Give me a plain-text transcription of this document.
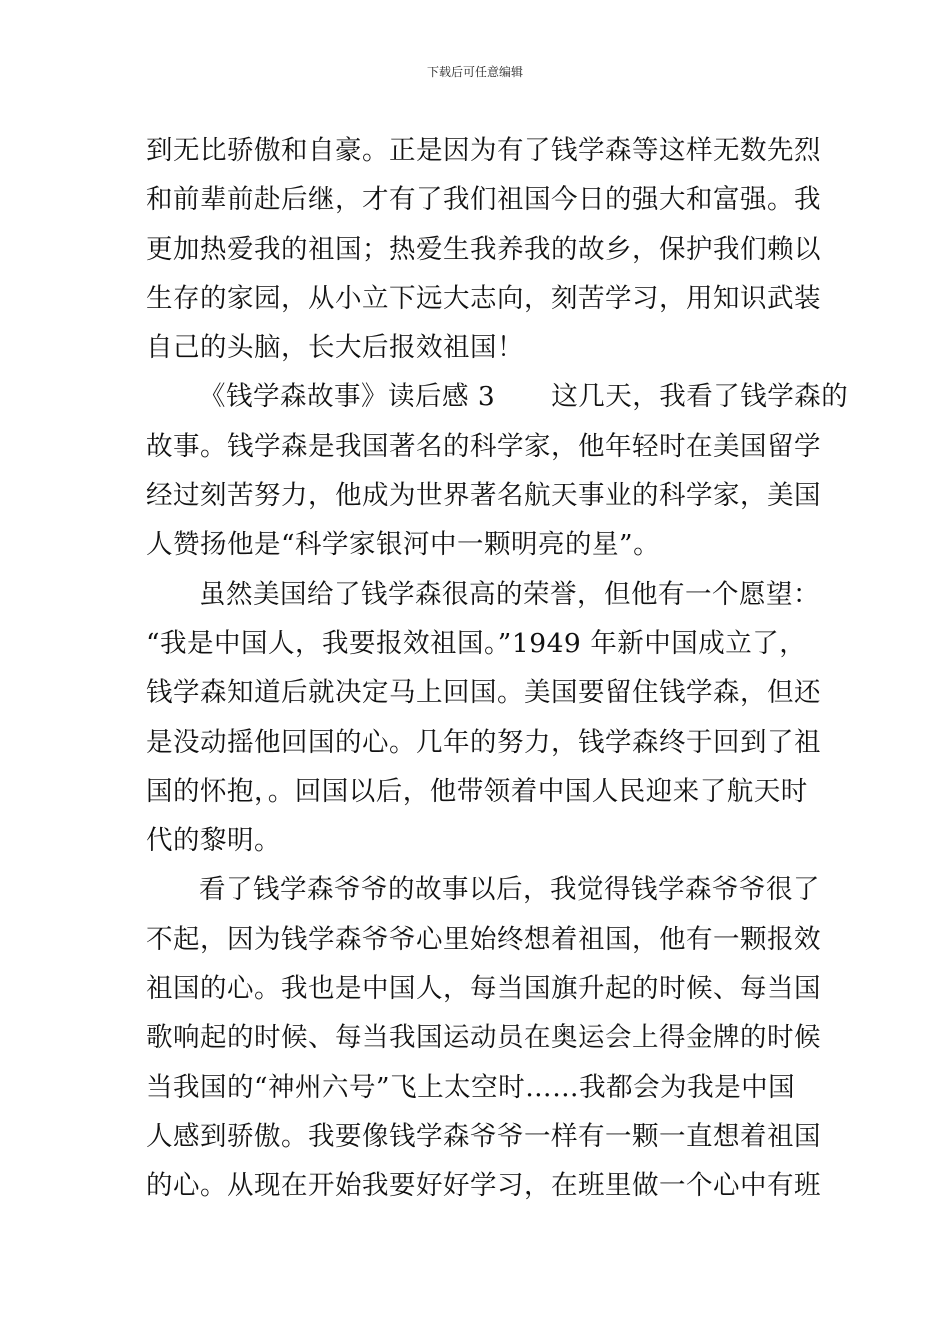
下载后可任意编辑
到无比骄傲和自豪。正是因为有了钱学森等这样无数先烈
和前辈前赴后继，才有了我们祖国今日的强大和富强。我
更加热爱我的祖国；热爱生我养我的故乡，保护我们赖以
生存的家园，从小立下远大志向，刻苦学习，用知识武装
自己的头脑，长大后报效祖国！
《钱学森故事》读后感 3 这几天，我看了钱学森的
故事。钱学森是我国著名的科学家，他年轻时在美国留学
经过刻苦努力，他成为世界著名航天事业的科学家，美国
人赞扬他是“科学家银河中一颗明亮的星”。
虽然美国给了钱学森很高的荣誉，但他有一个愿望：
“我是中国人，我要报效祖国。”1949 年新中国成立了，
钱学森知道后就决定马上回国。美国要留住钱学森，但还
是没动摇他回国的心。几年的努力，钱学森终于回到了祖
国的怀抱，。回国以后，他带领着中国人民迎来了航天时
代的黎明。
看了钱学森爷爷的故事以后，我觉得钱学森爷爷很了
不起，因为钱学森爷爷心里始终想着祖国，他有一颗报效
祖国的心。我也是中国人，每当国旗升起的时候、每当国
歌响起的时候、每当我国运动员在奥运会上得金牌的时候
当我国的“神州六号”飞上太空时……我都会为我是中国
人感到骄傲。我要像钱学森爷爷一样有一颗一直想着祖国
的心。从现在开始我要好好学习，在班里做一个心中有班
